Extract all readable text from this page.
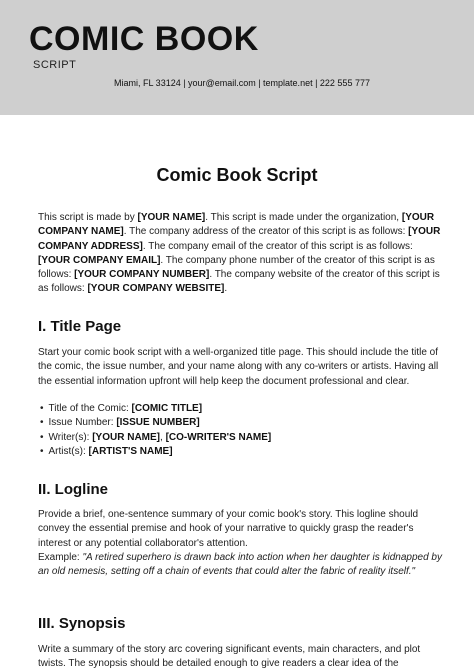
COMIC BOOK
SCRIPT
Miami, FL 33124 | your@email.com | template.net | 222 555 777
Comic Book Script

This script is made by [YOUR NAME]. This script is made under the organization, [YOUR COMPANY NAME]. The company address of the creator of this script is as follows: [YOUR COMPANY ADDRESS]. The company email of the creator of this script is as follows: [YOUR COMPANY EMAIL]. The company phone number of the creator of this script is as follows: [YOUR COMPANY NUMBER]. The company website of the creator of this script is as follows: [YOUR COMPANY WEBSITE].

I. Title Page

Start your comic book script with a well-organized title page. This should include the title of the comic, the issue number, and your name along with any co-writers or artists. Having all the essential information upfront will help keep the document professional and clear.

• Title of the Comic: [COMIC TITLE]
• Issue Number: [ISSUE NUMBER]
• Writer(s): [YOUR NAME], [CO-WRITER'S NAME]
• Artist(s): [ARTIST'S NAME]
II. Logline

Provide a brief, one-sentence summary of your comic book's story. This logline should convey the essential premise and hook of your narrative to quickly grasp the reader's interest or any potential collaborator's attention.
Example: "A retired superhero is drawn back into action when her daughter is kidnapped by an old nemesis, setting off a chain of events that could alter the fabric of reality itself."

III. Synopsis

Write a summary of the story arc covering significant events, main characters, and plot twists. The synopsis should be detailed enough to give readers a clear idea of the
